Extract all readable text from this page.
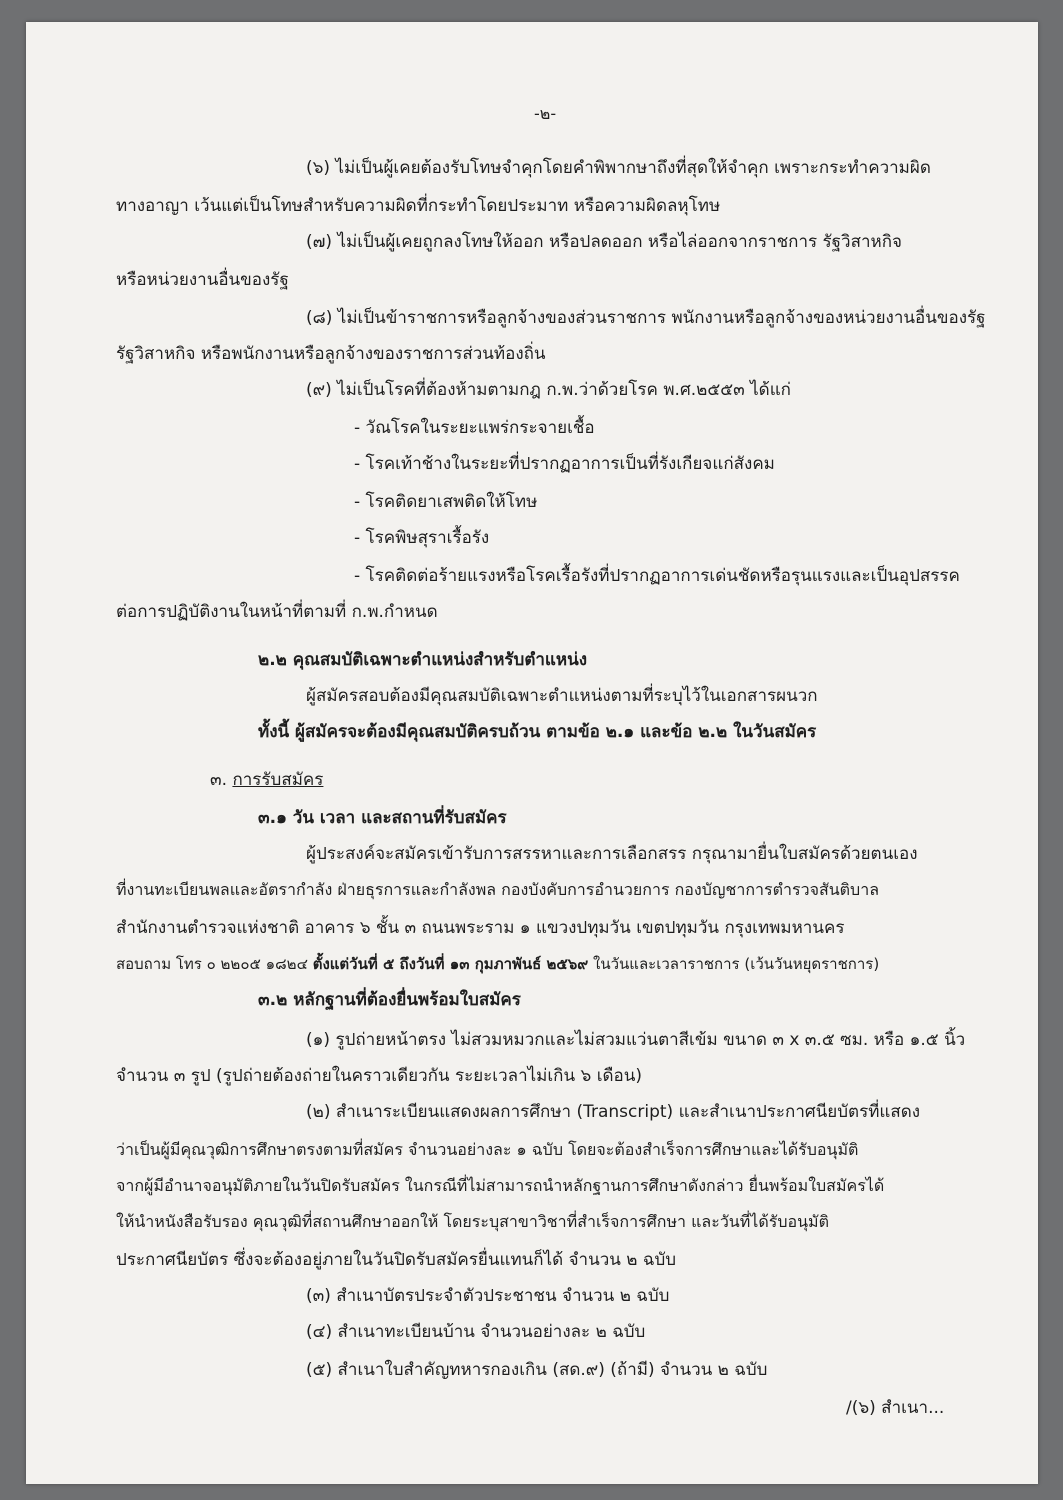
-๒-
(๖) ไม่เป็นผู้เคยต้องรับโทษจำคุกโดยคำพิพากษาถึงที่สุดให้จำคุก เพราะกระทำความผิด
ทางอาญา เว้นแต่เป็นโทษสำหรับความผิดที่กระทำโดยประมาท หรือความผิดลหุโทษ
(๗) ไม่เป็นผู้เคยถูกลงโทษให้ออก หรือปลดออก หรือไล่ออกจากราชการ รัฐวิสาหกิจ
หรือหน่วยงานอื่นของรัฐ
(๘) ไม่เป็นข้าราชการหรือลูกจ้างของส่วนราชการ พนักงานหรือลูกจ้างของหน่วยงานอื่นของรัฐ
รัฐวิสาหกิจ หรือพนักงานหรือลูกจ้างของราชการส่วนท้องถิ่น
(๙) ไม่เป็นโรคที่ต้องห้ามตามกฎ ก.พ.ว่าด้วยโรค พ.ศ.๒๕๕๓ ได้แก่
- วัณโรคในระยะแพร่กระจายเชื้อ
- โรคเท้าช้างในระยะที่ปรากฏอาการเป็นที่รังเกียจแก่สังคม
- โรคติดยาเสพติดให้โทษ
- โรคพิษสุราเรื้อรัง
- โรคติดต่อร้ายแรงหรือโรคเรื้อรังที่ปรากฏอาการเด่นชัดหรือรุนแรงและเป็นอุปสรรค
ต่อการปฏิบัติงานในหน้าที่ตามที่ ก.พ.กำหนด
๒.๒ คุณสมบัติเฉพาะตำแหน่งสำหรับตำแหน่ง
ผู้สมัครสอบต้องมีคุณสมบัติเฉพาะตำแหน่งตามที่ระบุไว้ในเอกสารผนวก
ทั้งนี้ ผู้สมัครจะต้องมีคุณสมบัติครบถ้วน ตามข้อ ๒.๑ และข้อ ๒.๒ ในวันสมัคร
๓. การรับสมัคร
๓.๑ วัน เวลา และสถานที่รับสมัคร
ผู้ประสงค์จะสมัครเข้ารับการสรรหาและการเลือกสรร กรุณามายื่นใบสมัครด้วยตนเอง
ที่งานทะเบียนพลและอัตรากำลัง ฝ่ายธุรการและกำลังพล กองบังคับการอำนวยการ กองบัญชาการตำรวจสันติบาล
สำนักงานตำรวจแห่งชาติ อาคาร ๖ ชั้น ๓ ถนนพระราม ๑ แขวงปทุมวัน เขตปทุมวัน กรุงเทพมหานคร
สอบถาม โทร ๐ ๒๒๐๕ ๑๘๒๔ ตั้งแต่วันที่ ๕ ถึงวันที่ ๑๓ กุมภาพันธ์ ๒๕๖๙ ในวันและเวลาราชการ (เว้นวันหยุดราชการ)
๓.๒ หลักฐานที่ต้องยื่นพร้อมใบสมัคร
(๑) รูปถ่ายหน้าตรง ไม่สวมหมวกและไม่สวมแว่นตาสีเข้ม ขนาด ๓ x ๓.๕ ซม. หรือ ๑.๕ นิ้ว
จำนวน ๓ รูป (รูปถ่ายต้องถ่ายในคราวเดียวกัน ระยะเวลาไม่เกิน ๖ เดือน)
(๒) สำเนาระเบียนแสดงผลการศึกษา (Transcript) และสำเนาประกาศนียบัตรที่แสดง
ว่าเป็นผู้มีคุณวุฒิการศึกษาตรงตามที่สมัคร จำนวนอย่างละ ๑ ฉบับ โดยจะต้องสำเร็จการศึกษาและได้รับอนุมัติ
จากผู้มีอำนาจอนุมัติภายในวันปิดรับสมัคร ในกรณีที่ไม่สามารถนำหลักฐานการศึกษาดังกล่าว ยื่นพร้อมใบสมัครได้
ให้นำหนังสือรับรอง คุณวุฒิที่สถานศึกษาออกให้ โดยระบุสาขาวิชาที่สำเร็จการศึกษา และวันที่ได้รับอนุมัติ
ประกาศนียบัตร ซึ่งจะต้องอยู่ภายในวันปิดรับสมัครยื่นแทนก็ได้ จำนวน ๒ ฉบับ
(๓) สำเนาบัตรประจำตัวประชาชน จำนวน ๒ ฉบับ
(๔) สำเนาทะเบียนบ้าน จำนวนอย่างละ ๒ ฉบับ
(๕) สำเนาใบสำคัญทหารกองเกิน (สด.๙) (ถ้ามี) จำนวน ๒ ฉบับ
/(๖) สำเนา...
